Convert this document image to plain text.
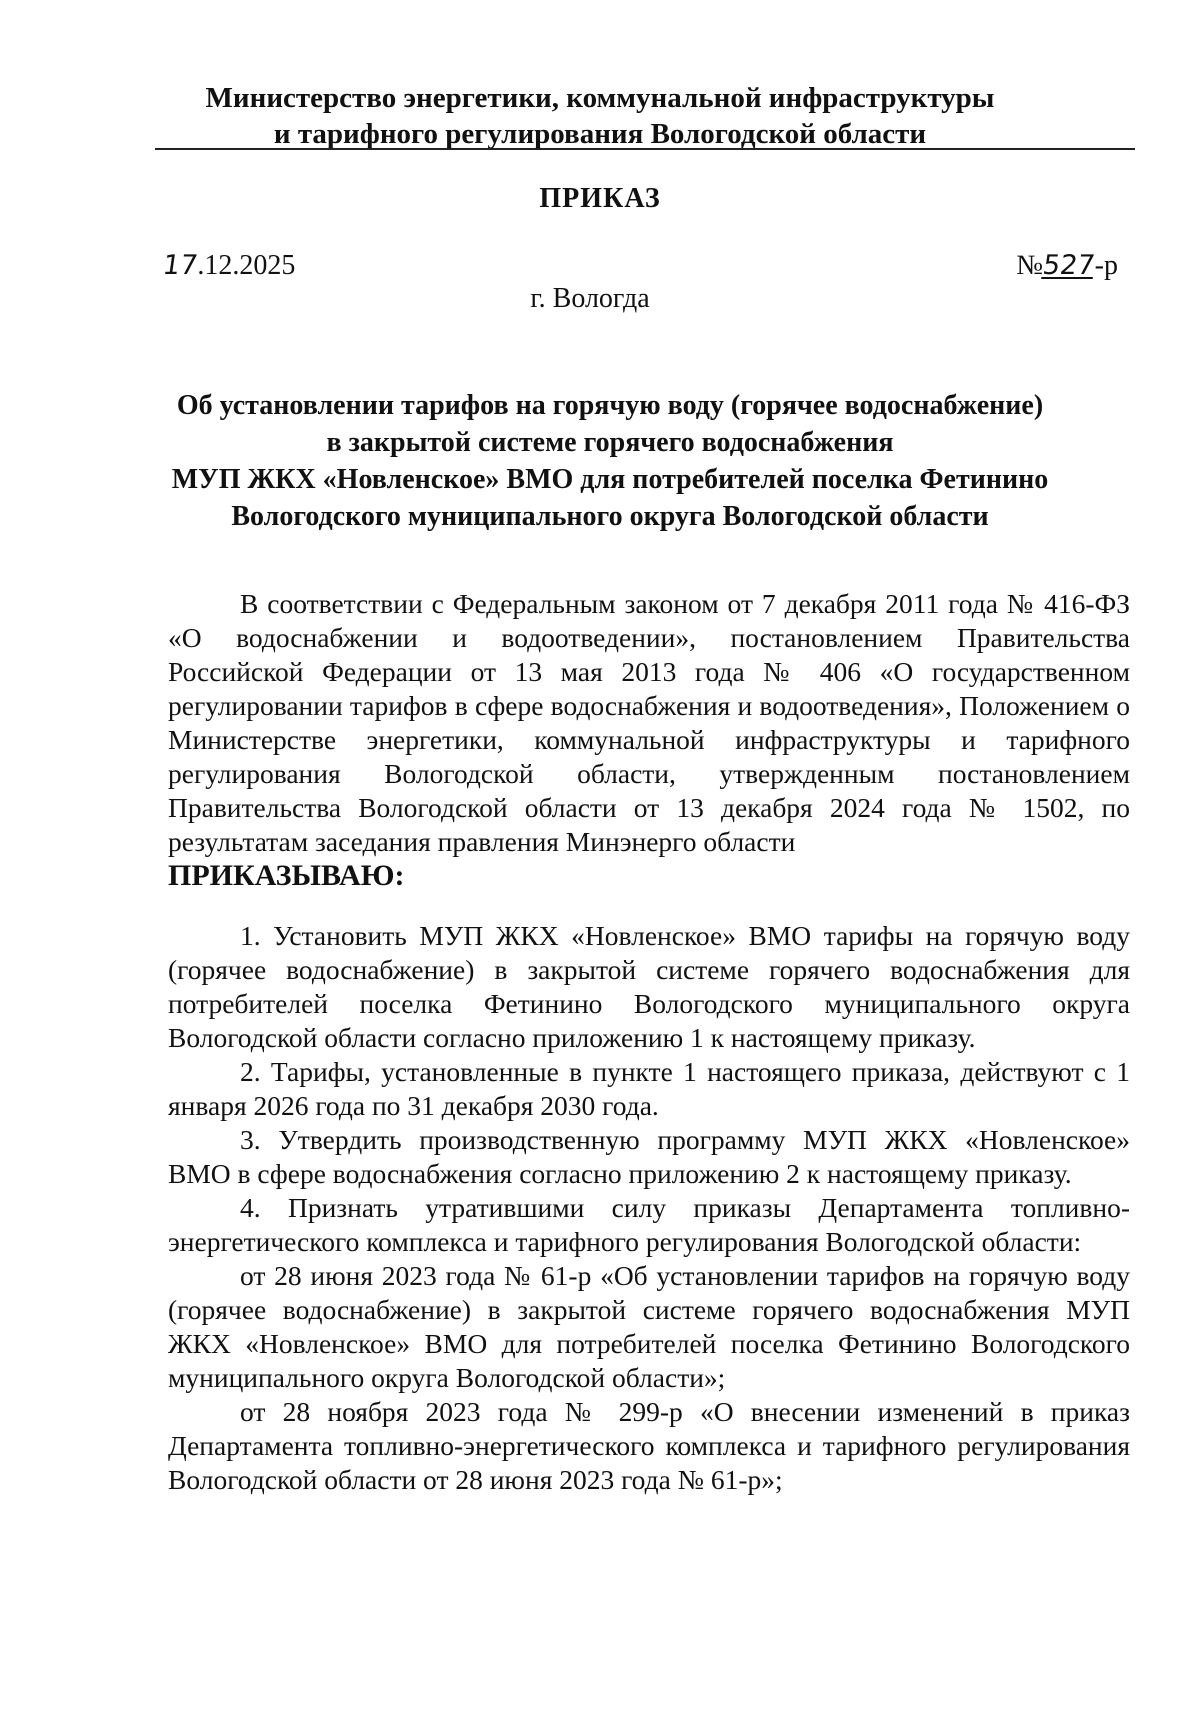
Министерство энергетики, коммунальной инфраструктуры
и тарифного регулирования Вологодской области
ПРИКАЗ
17.12.2025	№527-р
г. Вологда
Об установлении тарифов на горячую воду (горячее водоснабжение)
в закрытой системе горячего водоснабжения
МУП ЖКХ «Новленское» ВМО для потребителей поселка Фетинино
Вологодского муниципального округа Вологодской области

В соответствии с Федеральным законом от 7 декабря 2011 года № 416-ФЗ «О водоснабжении и водоотведении», постановлением Правительства Российской Федерации от 13 мая 2013 года № 406 «О государственном регулировании тарифов в сфере водоснабжения и водоотведения», Положением о Министерстве энергетики, коммунальной инфраструктуры и тарифного регулирования Вологодской области, утвержденным постановлением Правительства Вологодской области от 13 декабря 2024 года № 1502, по результатам заседания правления Минэнерго области

ПРИКАЗЫВАЮ:

1. Установить МУП ЖКХ «Новленское» ВМО тарифы на горячую воду (горячее водоснабжение) в закрытой системе горячего водоснабжения для потребителей поселка Фетинино Вологодского муниципального округа Вологодской области согласно приложению 1 к настоящему приказу.

2. Тарифы, установленные в пункте 1 настоящего приказа, действуют с 1 января 2026 года по 31 декабря 2030 года.

3. Утвердить производственную программу МУП ЖКХ «Новленское» ВМО в сфере водоснабжения согласно приложению 2 к настоящему приказу.

4. Признать утратившими силу приказы Департамента топливно-энергетического комплекса и тарифного регулирования Вологодской области:

от 28 июня 2023 года № 61-р «Об установлении тарифов на горячую воду (горячее водоснабжение) в закрытой системе горячего водоснабжения МУП ЖКХ «Новленское» ВМО для потребителей поселка Фетинино Вологодского муниципального округа Вологодской области»;

от 28 ноября 2023 года № 299-р «О внесении изменений в приказ Департамента топливно-энергетического комплекса и тарифного регулирования Вологодской области от 28 июня 2023 года № 61-р»;
